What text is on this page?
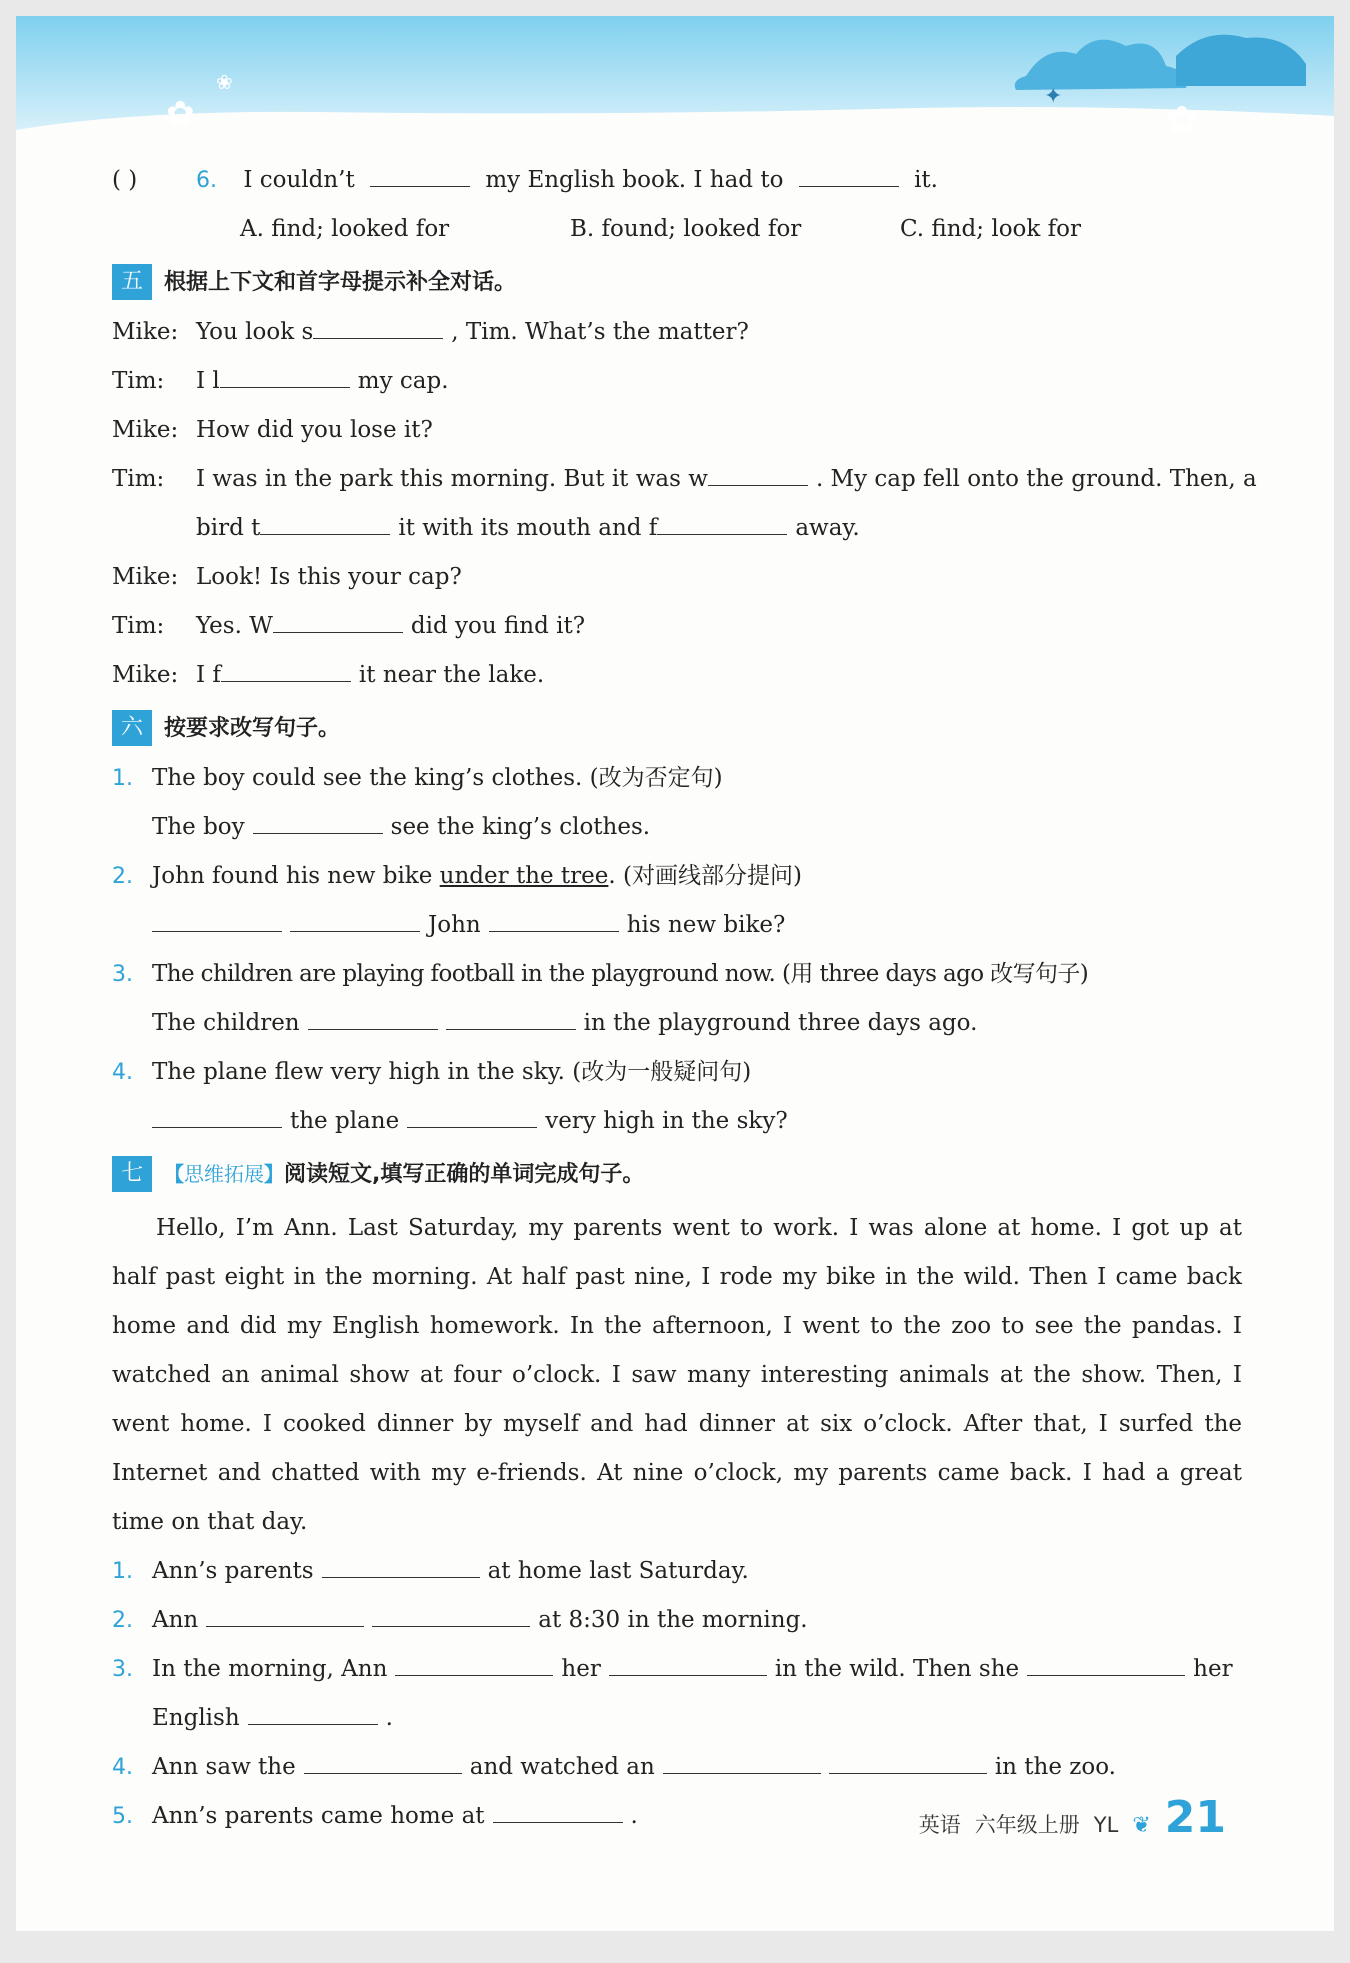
✿
❀
✦
✿
( )	6. I couldn’t	my English book. I had to	it.
A. find; looked for	B. found; looked for	C. find; look for
五 根据上下文和首字母提示补全对话。
Mike: You look s	, Tim. What’s the matter?
Tim: I l	my cap.
Mike: How did you lose it?
Tim: I was in the park this morning. But it was w	. My cap fell onto the ground. Then, a
bird t	it with its mouth and f	away.
Mike: Look! Is this your cap?
Tim: Yes. W	did you find it?
Mike: I f	it near the lake.
六 按要求改写句子。
1. The boy could see the king’s clothes. (改为否定句)
The boy	see the king’s clothes.
2. John found his new bike under the tree. (对画线部分提问)
John	his new bike?
3. The children are playing football in the playground now. (用 three days ago 改写句子)
The children	in the playground three days ago.
4. The plane flew very high in the sky. (改为一般疑问句)
the plane	very high in the sky?
七	【思维拓展】 阅读短文,填写正确的单词完成句子。

Hello, I’m Ann. Last Saturday, my parents went to work. I was alone at home. I got up at half past eight in the morning. At half past nine, I rode my bike in the wild. Then I came back home and did my English homework. In the afternoon, I went to the zoo to see the pandas. I watched an animal show at four o’clock. I saw many interesting animals at the show. Then, I went home. I cooked dinner by myself and had dinner at six o’clock. After that, I surfed the Internet and chatted with my e-friends. At nine o’clock, my parents came back. I had a great time on that day.

1. Ann’s parents	at home last Saturday.
2. Ann	at 8:30 in the morning.
3. In the morning, Ann	her	in the wild. Then she	her
English	.
4. Ann saw the	and watched an	in the zoo.
5. Ann’s parents came home at	.	英语 六年级上册 YL ❦ 21
